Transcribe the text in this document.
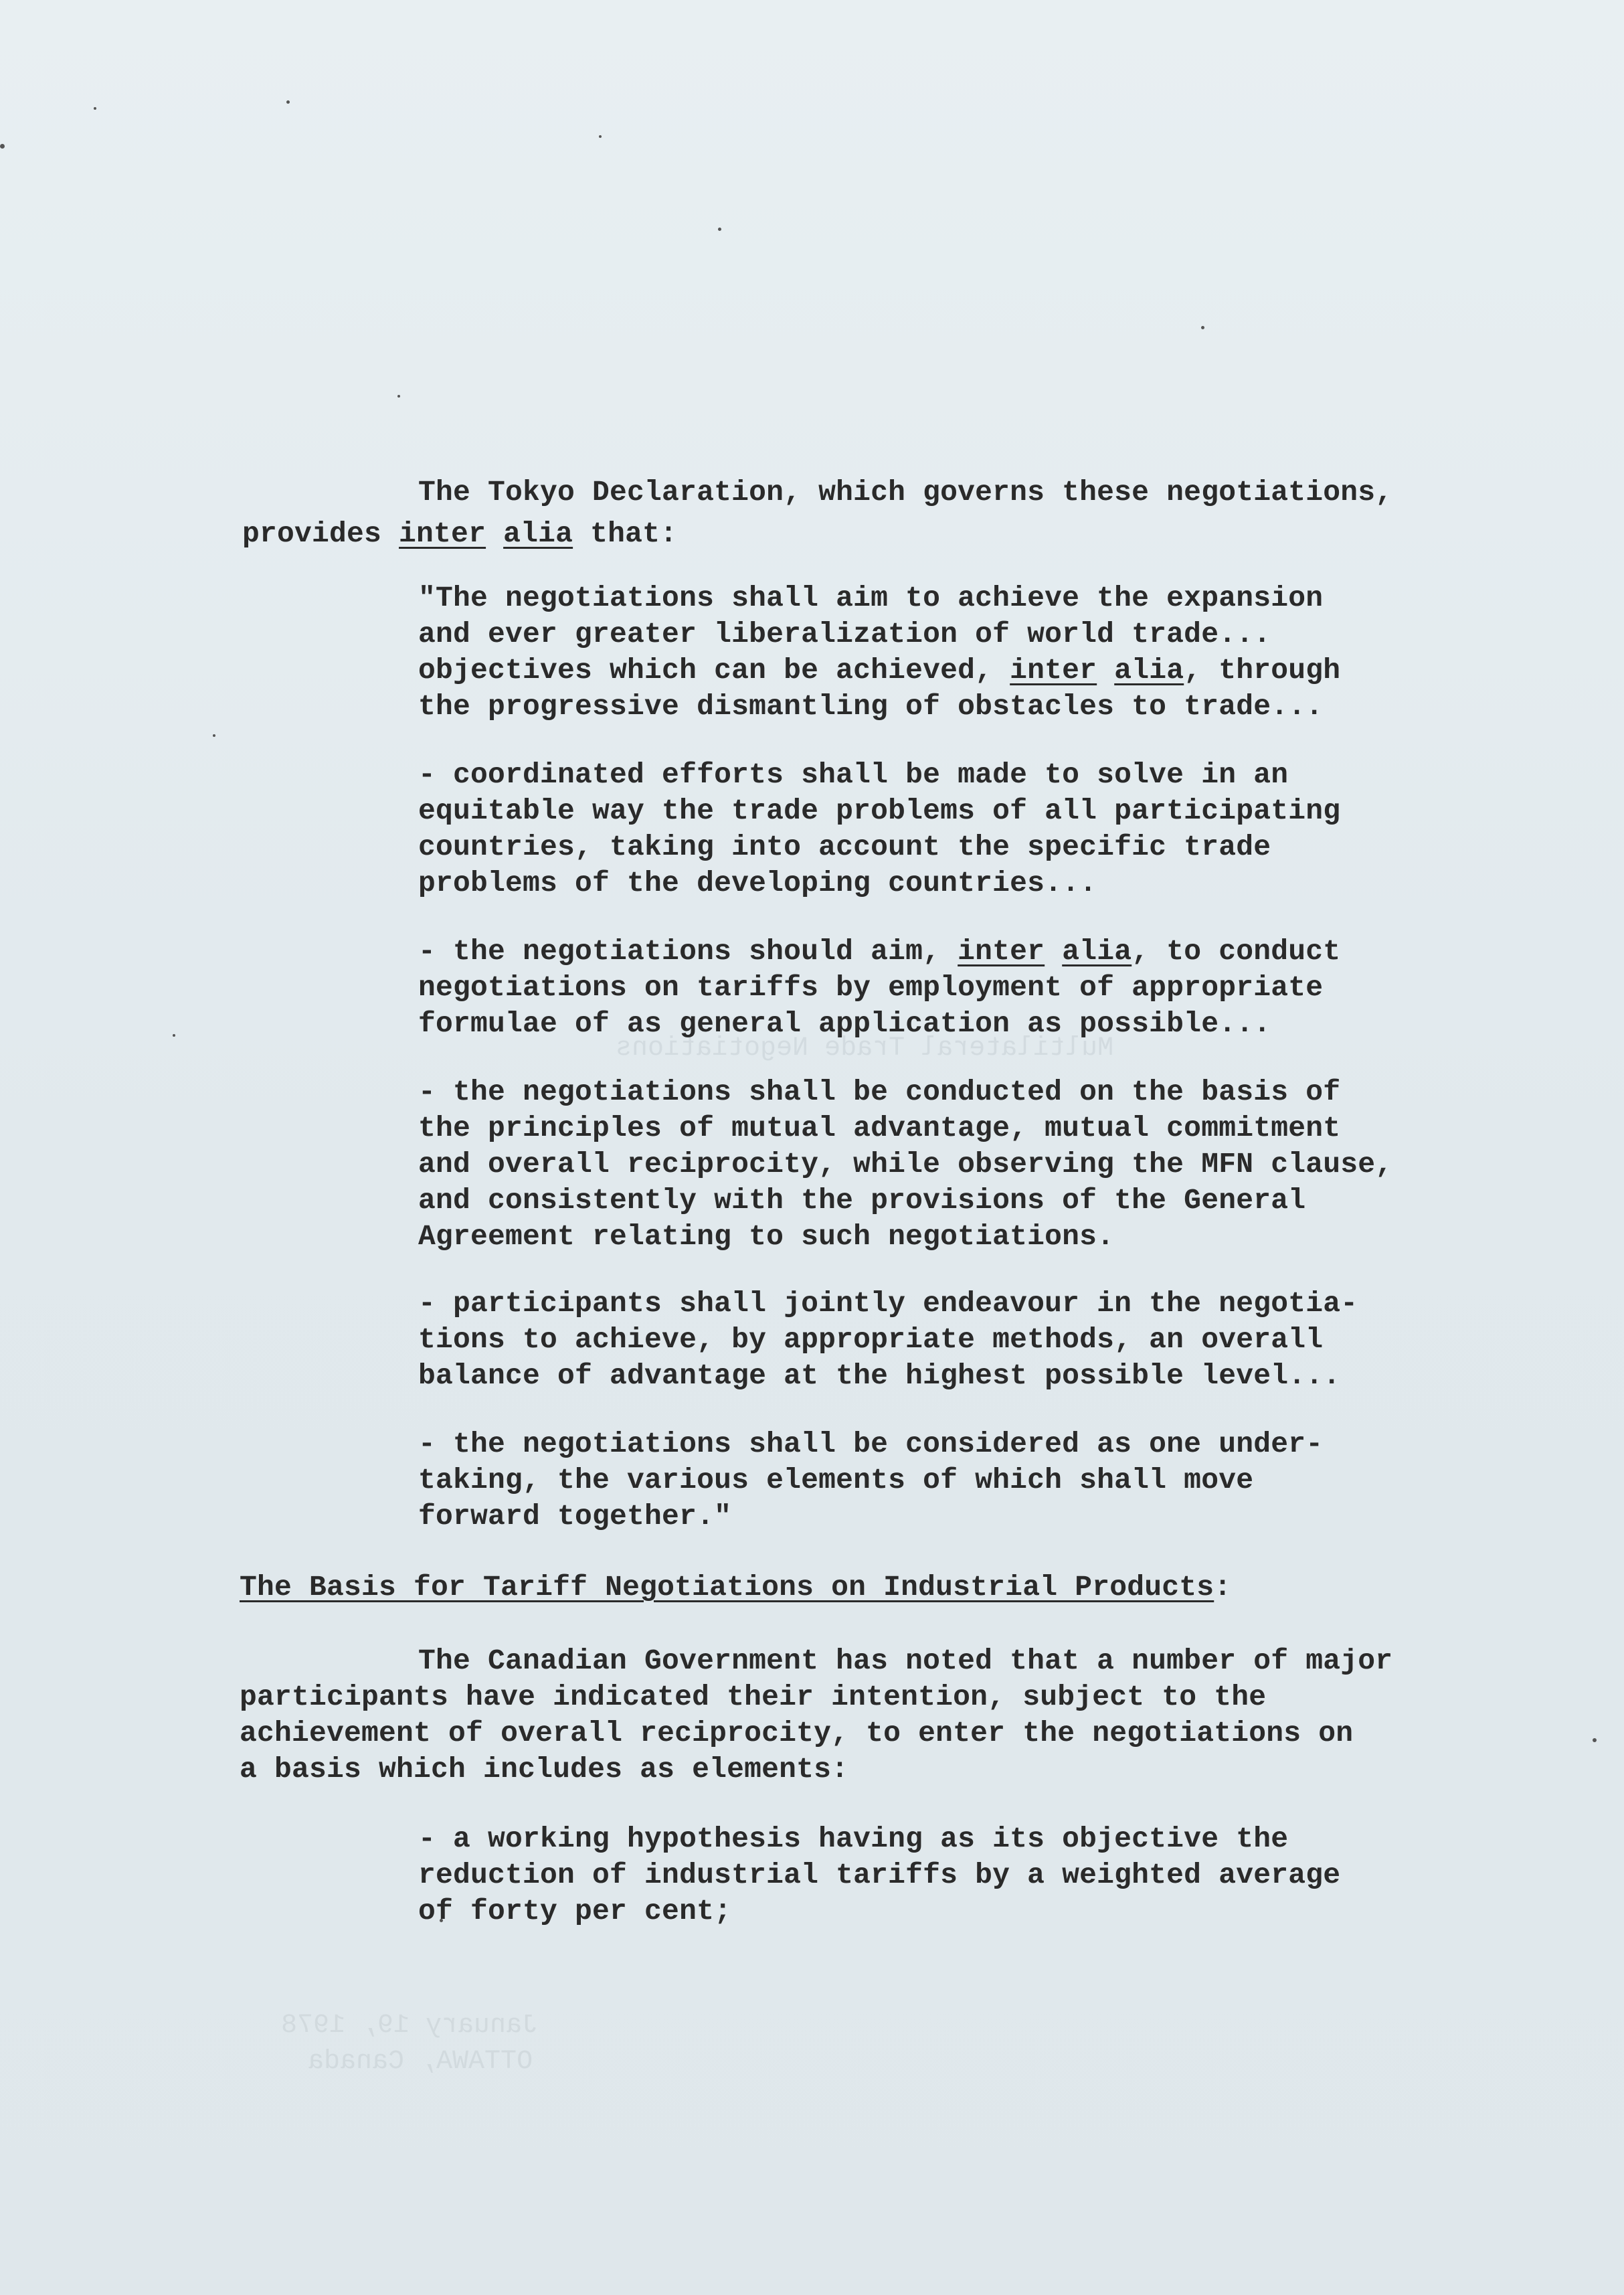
Multilateral Trade Negotiations
January 19, 1978
OTTAWA, Canada
The Tokyo Declaration, which governs these negotiations,
provides inter alia that:
"The negotiations shall aim to achieve the expansion
and ever greater liberalization of world trade...
objectives which can be achieved, inter alia, through
the progressive dismantling of obstacles to trade...
- coordinated efforts shall be made to solve in an
equitable way the trade problems of all participating
countries, taking into account the specific trade
problems of the developing countries...
- the negotiations should aim, inter alia, to conduct
negotiations on tariffs by employment of appropriate
formulae of as general application as possible...
- the negotiations shall be conducted on the basis of
the principles of mutual advantage, mutual commitment
and overall reciprocity, while observing the MFN clause,
and consistently with the provisions of the General
Agreement relating to such negotiations.
- participants shall jointly endeavour in the negotia-
tions to achieve, by appropriate methods, an overall
balance of advantage at the highest possible level...
- the negotiations shall be considered as one under-
taking, the various elements of which shall move
forward together."
The Basis for Tariff Negotiations on Industrial Products:
The Canadian Government has noted that a number of major
participants have indicated their intention, subject to the
achievement of overall reciprocity, to enter the negotiations on
a basis which includes as elements:
- a working hypothesis having as its objective the
reduction of industrial tariffs by a weighted average
of forty per cent;
